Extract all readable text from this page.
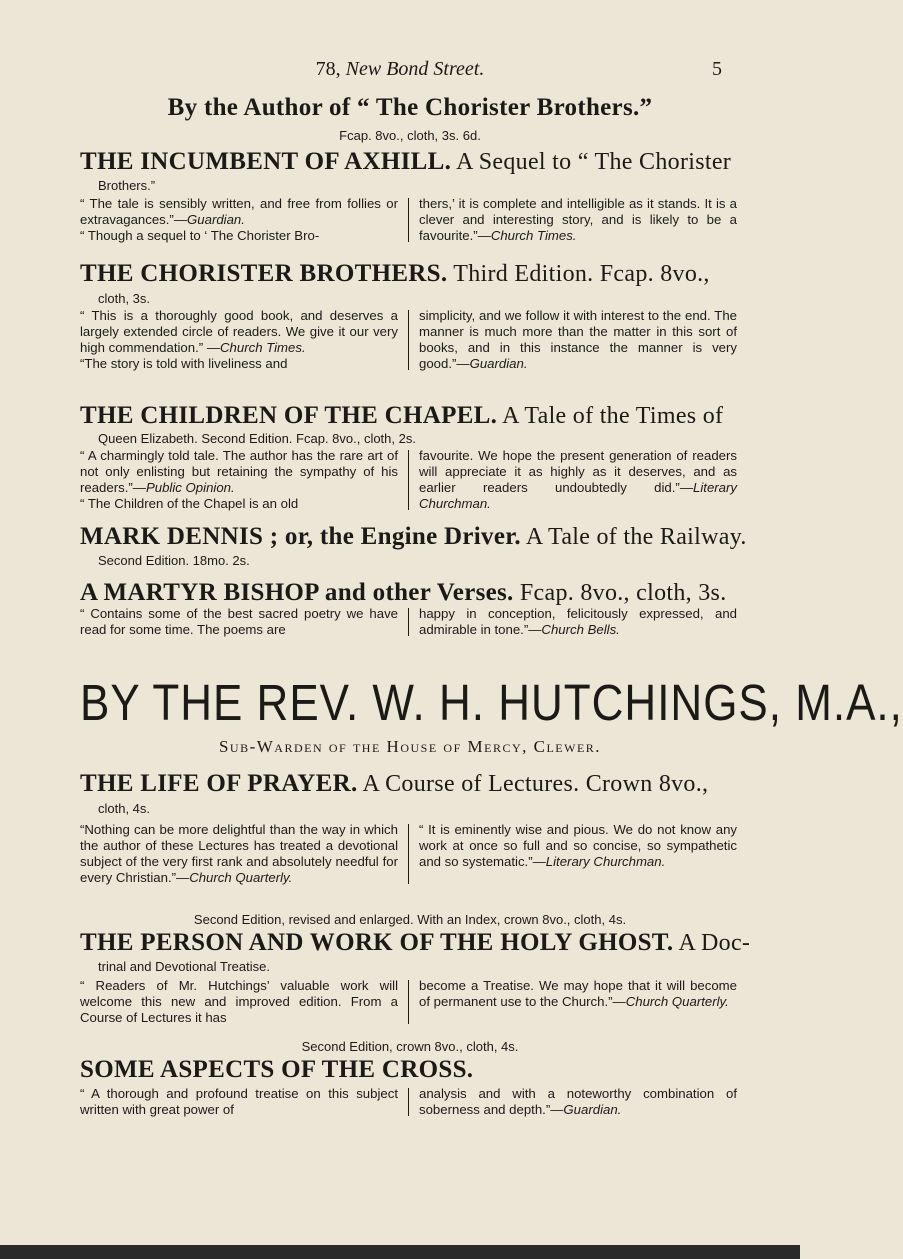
78, New Bond Street.	5
By the Author of “ The Chorister Brothers.”
Fcap. 8vo., cloth, 3s. 6d.
THE INCUMBENT OF AXHILL. A Sequel to “ The Chorister
Brothers.”
“ The tale is sensibly written, and free from follies or extravagances.”—Guardian.
“ Though a sequel to ‘ The Chorister Bro-
thers,’ it is complete and intelligible as it stands. It is a clever and interesting story, and is likely to be a favourite.”—Church Times.
THE CHORISTER BROTHERS. Third Edition. Fcap. 8vo.,
cloth, 3s.
“ This is a thoroughly good book, and deserves a largely extended circle of readers. We give it our very high commendation.” —Church Times.
“The story is told with liveliness and
simplicity, and we follow it with interest to the end. The manner is much more than the matter in this sort of books, and in this instance the manner is very good.”—Guardian.
THE CHILDREN OF THE CHAPEL. A Tale of the Times of
Queen Elizabeth. Second Edition. Fcap. 8vo., cloth, 2s.
“ A charmingly told tale. The author has the rare art of not only enlisting but retaining the sympathy of his readers.”—Public Opinion.
“ The Children of the Chapel is an old
favourite. We hope the present generation of readers will appreciate it as highly as it deserves, and as earlier readers undoubtedly did.”—Literary Churchman.
MARK DENNIS ; or, the Engine Driver. A Tale of the Railway.
Second Edition. 18mo. 2s.
A MARTYR BISHOP and other Verses. Fcap. 8vo., cloth, 3s.
“ Contains some of the best sacred poetry we have read for some time. The poems are
happy in conception, felicitously expressed, and admirable in tone.”—Church Bells.
BY THE REV. W. H. HUTCHINGS, M.A.,
Sub-Warden of the House of Mercy, Clewer.
THE LIFE OF PRAYER. A Course of Lectures. Crown 8vo.,
cloth, 4s.
“Nothing can be more delightful than the way in which the author of these Lectures has treated a devotional subject of the very first rank and absolutely needful for every Christian.”—Church Quarterly.
“ It is eminently wise and pious. We do not know any work at once so full and so concise, so sympathetic and so systematic.”—Literary Churchman.
Second Edition, revised and enlarged. With an Index, crown 8vo., cloth, 4s.
THE PERSON AND WORK OF THE HOLY GHOST. A Doc-
trinal and Devotional Treatise.
“ Readers of Mr. Hutchings’ valuable work will welcome this new and improved edition. From a Course of Lectures it has
become a Treatise. We may hope that it will become of permanent use to the Church.”—Church Quarterly.
Second Edition, crown 8vo., cloth, 4s.
SOME ASPECTS OF THE CROSS.
“ A thorough and profound treatise on this subject written with great power of
analysis and with a noteworthy combination of soberness and depth.”—Guardian.
